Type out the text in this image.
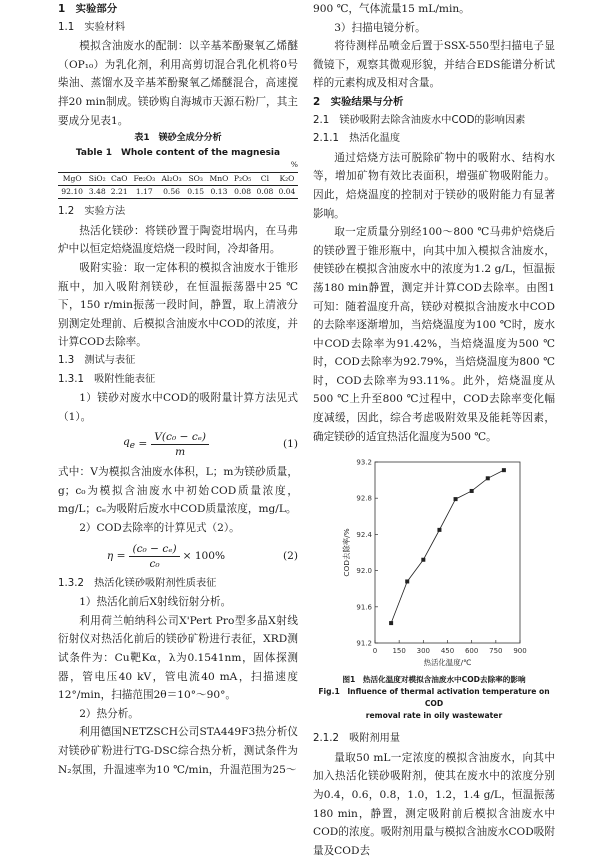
1　实验部分

1.1　实验材料

模拟含油废水的配制：以辛基苯酚聚氧乙烯醚（OP₁₀）为乳化剂，利用高剪切混合乳化机将0号柴油、蒸馏水及辛基苯酚聚氧乙烯醚混合，高速搅拌20 min制成。镁砂购自海城市天源石粉厂，其主要成分见表1。

表1　镁砂全成分分析
Table 1　Whole content of the magnesia
%
MgO	SiO₂	CaO	Fe₂O₃	Al₂O₃	SO₃	MnO	P₂O₅	Cl	K₂O
92.10	3.48	2.21	1.17	0.56	0.15	0.13	0.08	0.08	0.04

1.2　实验方法

热活化镁砂：将镁砂置于陶瓷坩埚内，在马弗炉中以恒定焙烧温度焙烧一段时间，冷却备用。

吸附实验：取一定体积的模拟含油废水于锥形瓶中，加入吸附剂镁砂，在恒温振荡器中25 ℃下，150 r/min振荡一段时间，静置，取上清液分别测定处理前、后模拟含油废水中COD的浓度，并计算COD去除率。

1.3　测试与表征

1.3.1　吸附性能表征

1）镁砂对废水中COD的吸附量计算方法见式（1）。

$q_e = \frac{\text{V(c₀ − cₑ)}}{m}$	(1)

式中：V为模拟含油废水体积，L；m为镁砂质量，g；c₀为模拟含油废水中初始COD质量浓度，mg/L；cₑ为吸附后废水中COD质量浓度，mg/L。

2）COD去除率的计算见式（2）。

$\eta = \frac{\text{(c₀ − cₑ)}}{\text{c₀}} \times 100\%$	(2)

1.3.2　热活化镁砂吸附剂性质表征

1）热活化前后X射线衍射分析。

利用荷兰帕纳科公司X'Pert Pro型多晶X射线衍射仪对热活化前后的镁砂矿粉进行表征，XRD测试条件为：Cu靶Kα，λ为0.1541nm，固体探测器，管电压40 kV，管电流40 mA，扫描速度12°/min，扫描范围2θ＝10°～90°。

2）热分析。

利用德国NETZSCH公司STA449F3热分析仪对镁砂矿粉进行TG-DSC综合热分析，测试条件为N₂氛围，升温速率为10 ℃/min，升温范围为25～

900 ℃，气体流量15 mL/min。

3）扫描电镜分析。

将待测样品喷金后置于SSX-550型扫描电子显微镜下，观察其微观形貌，并结合EDS能谱分析试样的元素构成及相对含量。

2　实验结果与分析

2.1　镁砂吸附去除含油废水中COD的影响因素

2.1.1　热活化温度

通过焙烧方法可脱除矿物中的吸附水、结构水等，增加矿物有效比表面积，增强矿物吸附能力。因此，焙烧温度的控制对于镁砂的吸附能力有显著影响。

取一定质量分别经100～800 ℃马弗炉焙烧后的镁砂置于锥形瓶中，向其中加入模拟含油废水，使镁砂在模拟含油废水中的浓度为1.2 g/L，恒温振荡180 min静置，测定并计算COD去除率。由图1可知：随着温度升高，镁砂对模拟含油废水中COD的去除率逐渐增加，当焙烧温度为100 ℃时，废水中COD去除率为91.42%，当焙烧温度为500 ℃时，COD去除率为92.79%，当焙烧温度为800 ℃时，COD去除率为93.11%。此外，焙烧温度从500 ℃上升至800 ℃过程中，COD去除率变化幅度减缓，因此，综合考虑吸附效果及能耗等因素，确定镁砂的适宜热活化温度为500 ℃。

0 150 300 450 600 750 900
91.2
91.6
92.0
92.4
92.8
93.2
热活化温度/℃
COD去除率/%
图1　热活化温度对模拟含油废水中COD去除率的影响
Fig.1　Influence of thermal activation temperature on COD
removal rate in oily wastewater

2.1.2　吸附剂用量

量取50 mL一定浓度的模拟含油废水，向其中加入热活化镁砂吸附剂，使其在废水中的浓度分别为0.4，0.6，0.8，1.0，1.2，1.4 g/L，恒温振荡180 min，静置，测定吸附前后模拟含油废水中COD的浓度。吸附剂用量与模拟含油废水COD吸附量及COD去
